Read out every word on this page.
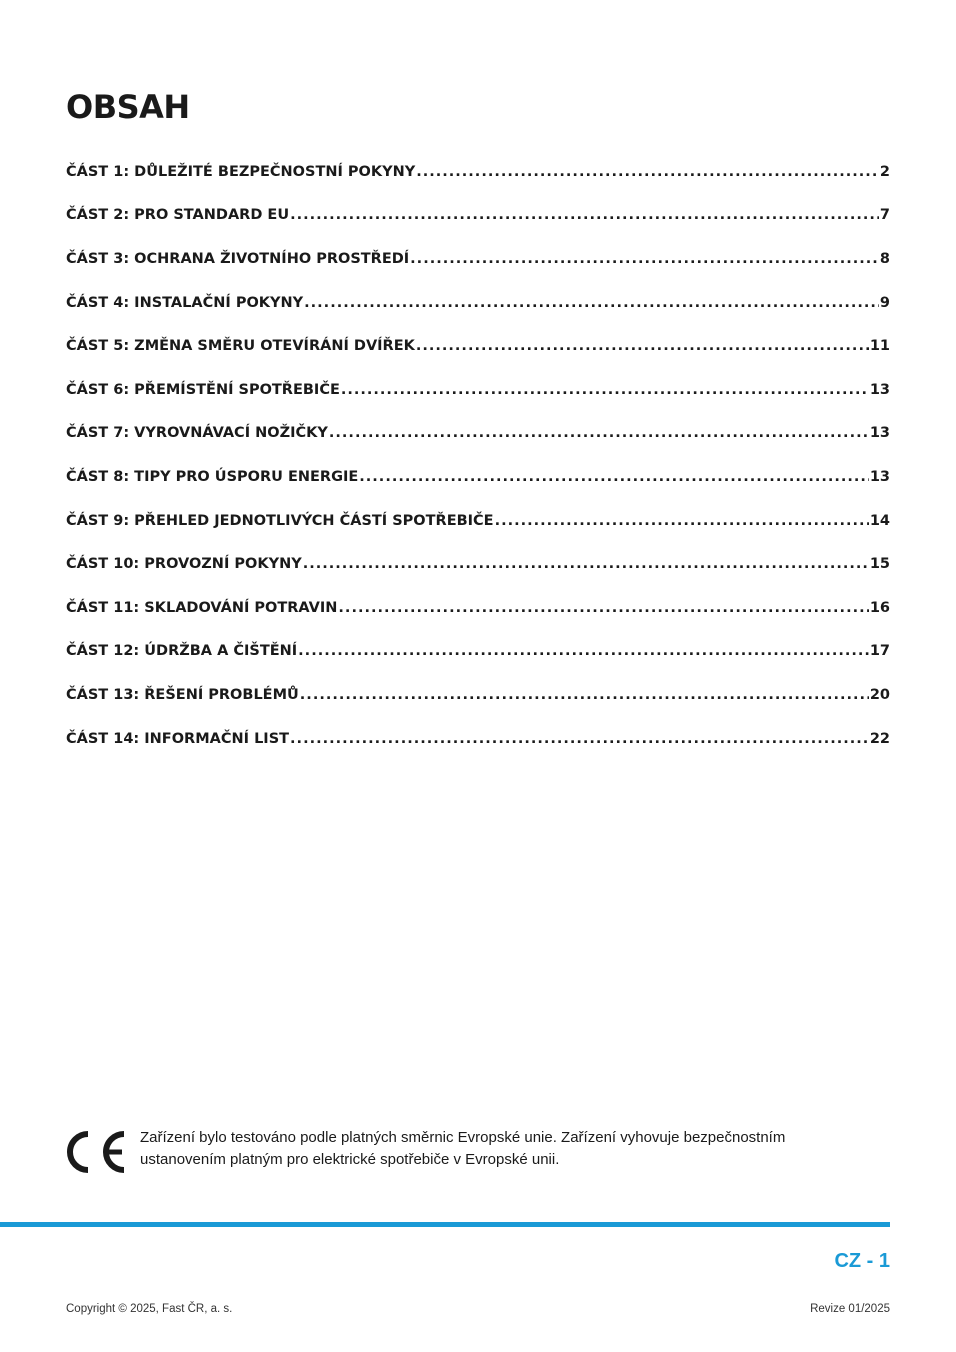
OBSAH
ČÁST 1: DŮLEŽITÉ BEZPEČNOSTNÍ POKYNY .....	2
ČÁST 2: PRO STANDARD EU .....	7
ČÁST 3: OCHRANA ŽIVOTNÍHO PROSTŘEDÍ .....	8
ČÁST 4: INSTALAČNÍ POKYNY .....	9
ČÁST 5: ZMĚNA SMĚRU OTEVÍRÁNÍ DVÍŘEK .....	11
ČÁST 6: PŘEMÍSTĚNÍ SPOTŘEBIČE .....	13
ČÁST 7: VYROVNÁVACÍ NOŽIČKY .....	13
ČÁST 8: TIPY PRO ÚSPORU ENERGIE .....	13
ČÁST 9: PŘEHLED JEDNOTLIVÝCH ČÁSTÍ SPOTŘEBIČE .....	14
ČÁST 10: PROVOZNÍ POKYNY .....	15
ČÁST 11: SKLADOVÁNÍ POTRAVIN .....	16
ČÁST 12: ÚDRŽBA A ČIŠTĚNÍ .....	17
ČÁST 13: ŘEŠENÍ PROBLÉMŮ .....	20
ČÁST 14: INFORMAČNÍ LIST .....	22
Zařízení bylo testováno podle platných směrnic Evropské unie. Zařízení vyhovuje bezpečnostním
ustanovením platným pro elektrické spotřebiče v Evropské unii.
CZ - 1
Copyright © 2025, Fast ČR, a. s.	Revize 01/2025
